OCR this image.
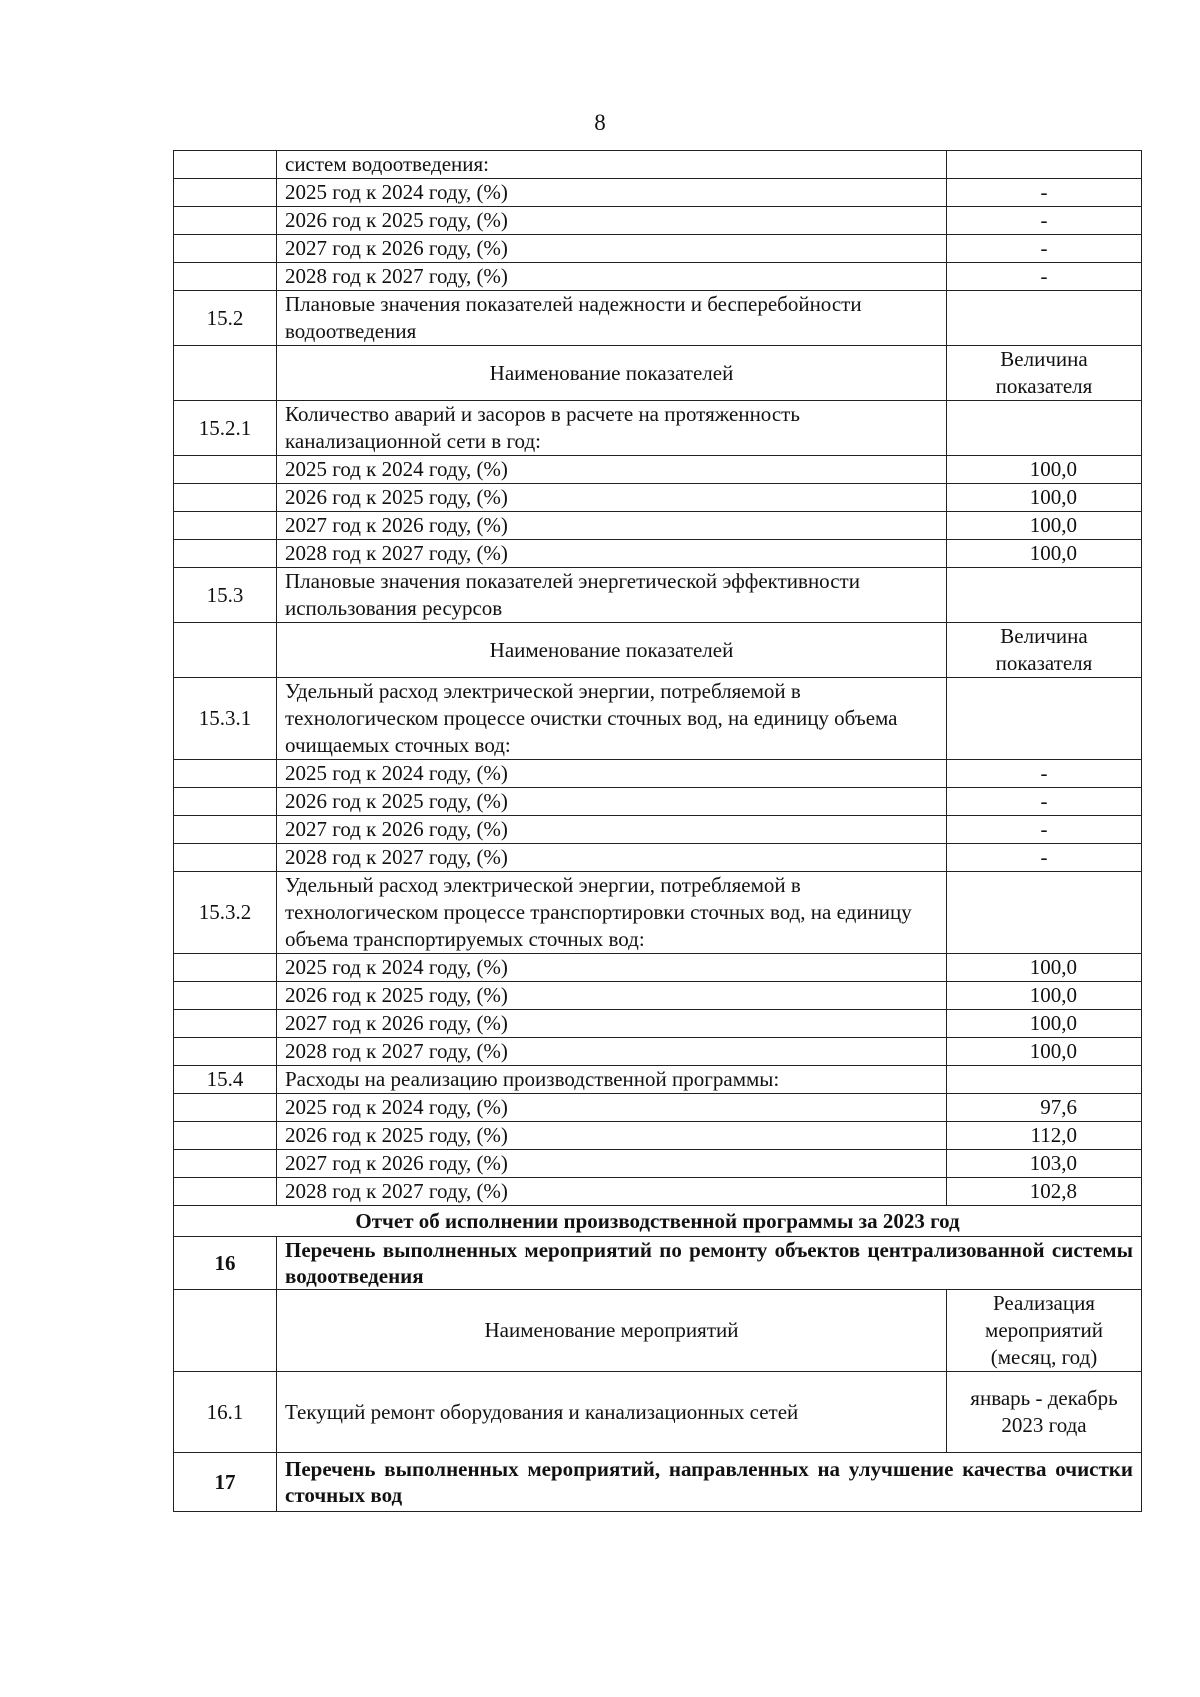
8
	систем водоотведения:	
	2025 год к 2024 году, (%)	-
	2026 год к 2025 году, (%)	-
	2027 год к 2026 году, (%)	-
	2028 год к 2027 году, (%)	-
15.2	Плановые значения показателей надежности и бесперебойности водоотведения	
	Наименование показателей	Величина показателя
15.2.1	Количество аварий и засоров в расчете на протяженность канализационной сети в год:	
	2025 год к 2024 году, (%)	100,0
	2026 год к 2025 году, (%)	100,0
	2027 год к 2026 году, (%)	100,0
	2028 год к 2027 году, (%)	100,0
15.3	Плановые значения показателей энергетической эффективности использования ресурсов	
	Наименование показателей	Величина показателя
15.3.1	Удельный расход электрической энергии, потребляемой в технологическом процессе очистки сточных вод, на единицу объема очищаемых сточных вод:	
	2025 год к 2024 году, (%)	-
	2026 год к 2025 году, (%)	-
	2027 год к 2026 году, (%)	-
	2028 год к 2027 году, (%)	-
15.3.2	Удельный расход электрической энергии, потребляемой в технологическом процессе транспортировки сточных вод, на единицу объема транспортируемых сточных вод:	
	2025 год к 2024 году, (%)	100,0
	2026 год к 2025 году, (%)	100,0
	2027 год к 2026 году, (%)	100,0
	2028 год к 2027 году, (%)	100,0
15.4	Расходы на реализацию производственной программы:	
	2025 год к 2024 году, (%)	97,6
	2026 год к 2025 году, (%)	112,0
	2027 год к 2026 году, (%)	103,0
	2028 год к 2027 году, (%)	102,8
Отчет об исполнении производственной программы за 2023 год		
16	Перечень выполненных мероприятий по ремонту объектов централизованной системы водоотведения	
	Наименование мероприятий	Реализация мероприятий (месяц, год)
16.1	Текущий ремонт оборудования и канализационных сетей	январь - декабрь 2023 года
17	Перечень выполненных мероприятий, направленных на улучшение качества очистки сточных вод	
